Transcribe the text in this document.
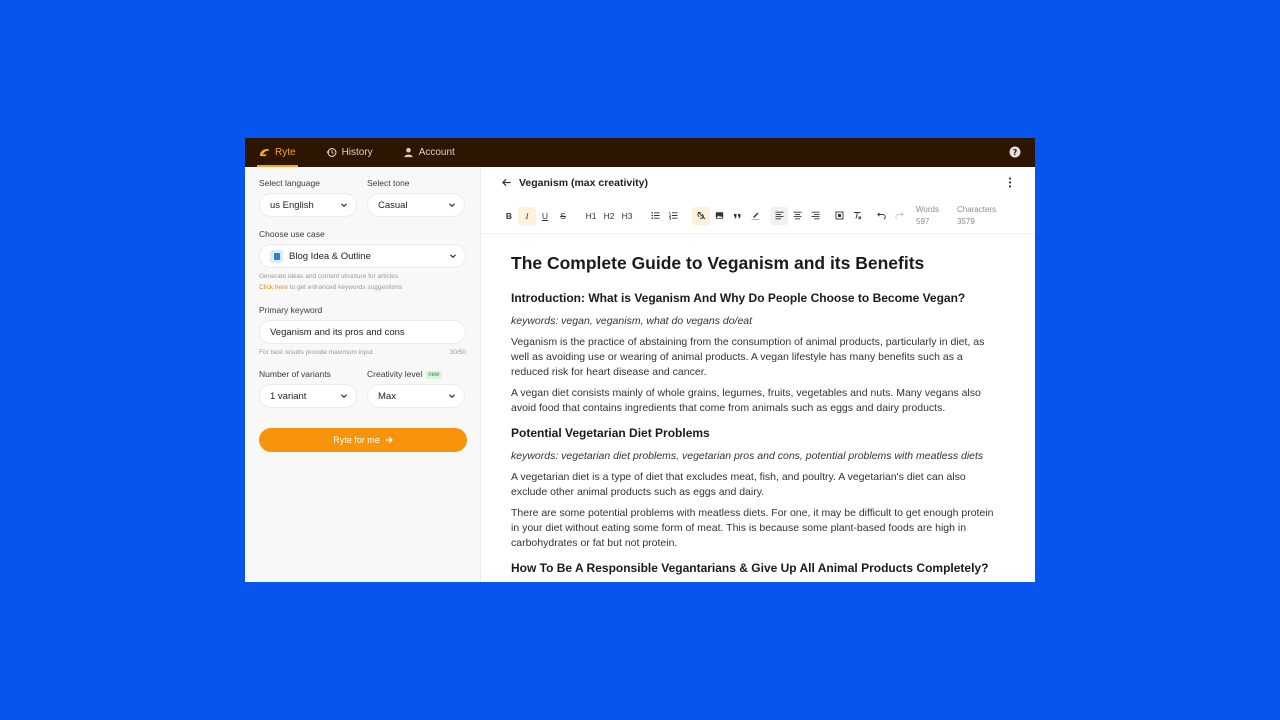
Ryte	History	Account	?
Select language
us English
Select tone
Casual
Choose use case
Blog Idea & Outline
Generate ideas and content structure for articles
Click here to get enhanced keywords suggestions
Primary keyword
Veganism and its pros and cons
For best results provide maximum input	30/50
Number of variants
1 variant
Creativity level new
Max
Ryte for me
Veganism (max creativity)
B	I	U	S	H1 H2 H3
Words
597
Characters
3579
The Complete Guide to Veganism and its Benefits
Introduction: What is Veganism And Why Do People Choose to Become Vegan?
keywords: vegan, veganism, what do vegans do/eat

Veganism is the practice of abstaining from the consumption of animal products, particularly in diet, as well as avoiding use or wearing of animal products. A vegan lifestyle has many benefits such as a reduced risk for heart disease and cancer.

A vegan diet consists mainly of whole grains, legumes, fruits, vegetables and nuts. Many vegans also avoid food that contains ingredients that come from animals such as eggs and dairy products.

Potential Vegetarian Diet Problems
keywords: vegetarian diet problems, vegetarian pros and cons, potential problems with meatless diets

A vegetarian diet is a type of diet that excludes meat, fish, and poultry. A vegetarian's diet can also exclude other animal products such as eggs and dairy.

There are some potential problems with meatless diets. For one, it may be difficult to get enough protein in your diet without eating some form of meat. This is because some plant-based foods are high in carbohydrates or fat but not protein.

How To Be A Responsible Vegantarians & Give Up All Animal Products Completely?
